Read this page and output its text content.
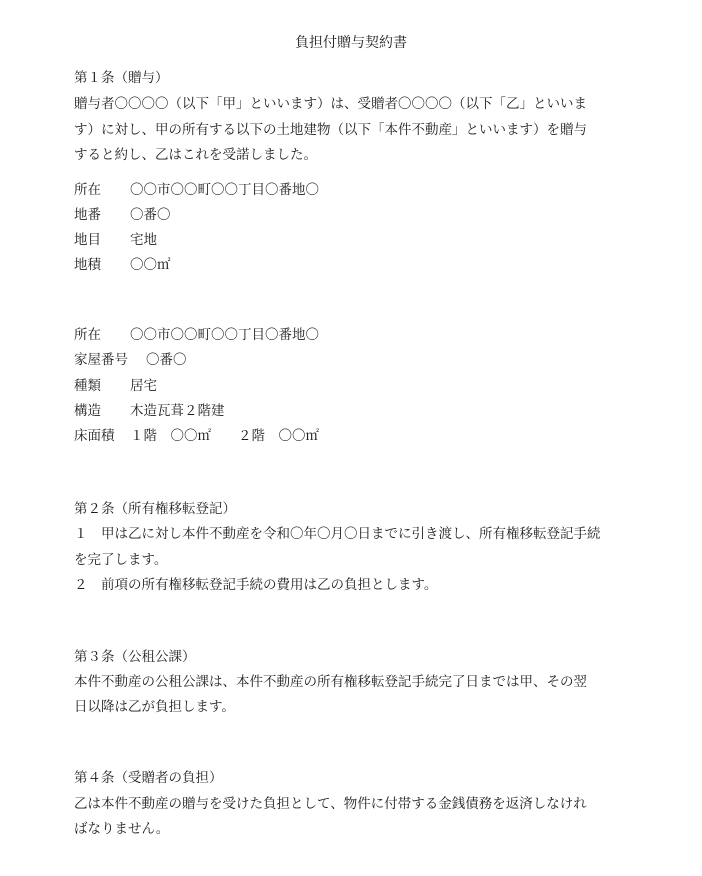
負担付贈与契約書
第１条（贈与）
贈与者〇〇〇〇（以下「甲」といいます）は、受贈者〇〇〇〇（以下「乙」といいま
す）に対し、甲の所有する以下の土地建物（以下「本件不動産」といいます）を贈与
すると約し、乙はこれを受諾しました。
所在 〇〇市〇〇町〇〇丁目〇番地〇
地番 〇番〇
地目 宅地
地積 〇〇㎡
所在 〇〇市〇〇町〇〇丁目〇番地〇
家屋番号 〇番〇
種類 居宅
構造 木造瓦葺２階建
床面積 １階　〇〇㎡　　２階　〇〇㎡
第２条（所有権移転登記）
１　甲は乙に対し本件不動産を令和〇年〇月〇日までに引き渡し、所有権移転登記手続
を完了します。
２　前項の所有権移転登記手続の費用は乙の負担とします。
第３条（公租公課）
本件不動産の公租公課は、本件不動産の所有権移転登記手続完了日までは甲、その翌
日以降は乙が負担します。
第４条（受贈者の負担）
乙は本件不動産の贈与を受けた負担として、物件に付帯する金銭債務を返済しなけれ
ばなりません。
